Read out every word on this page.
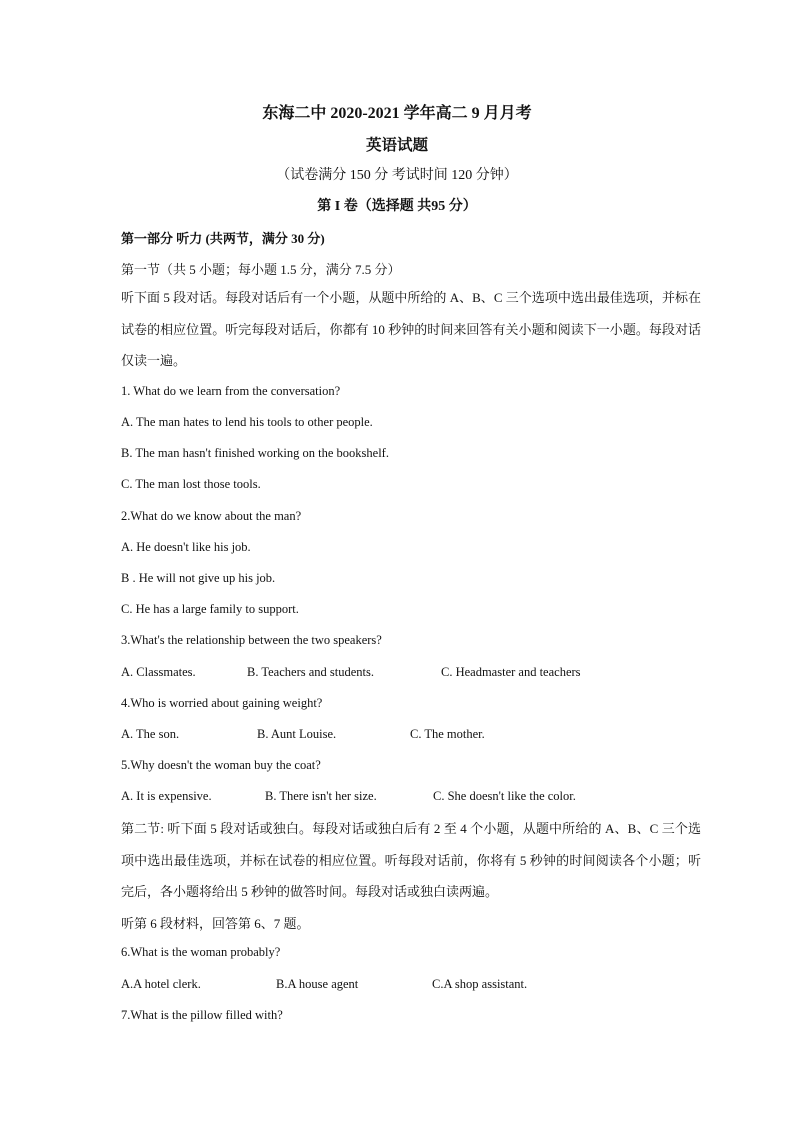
东海二中 2020-2021 学年高二 9 月月考
英语试题
（试卷满分 150 分 考试时间 120 分钟）
第 I 卷（选择题 共95 分）
第一部分 听力 (共两节，满分 30 分)
第一节（共 5 小题；每小题 1.5 分，满分 7.5 分）
听下面 5 段对话。每段对话后有一个小题，从题中所给的 A、B、C 三个选项中选出最佳选项，并标在试卷的相应位置。听完每段对话后，你都有 10 秒钟的时间来回答有关小题和阅读下一小题。每段对话仅读一遍。
1. What do we learn from the conversation?
A. The man hates to lend his tools to other people.
B. The man hasn't finished working on the bookshelf.
C. The man lost those tools.
2.What do we know about the man?
A. He doesn't like his job.
B . He will not give up his job.
C. He has a large family to support.
3.What's the relationship between the two speakers?
A. Classmates.	B. Teachers and students.	C. Headmaster and teachers
4.Who is worried about gaining weight?
A. The son.	B. Aunt Louise.	C. The mother.
5.Why doesn't the woman buy the coat?
A. It is expensive.	B. There isn't her size.	C. She doesn't like the color.
第二节: 听下面 5 段对话或独白。每段对话或独白后有 2 至 4 个小题，从题中所给的 A、B、C 三个选项中选出最佳选项，并标在试卷的相应位置。听每段对话前，你将有 5 秒钟的时间阅读各个小题；听完后，各小题将给出 5 秒钟的做答时间。每段对话或独白读两遍。
听第 6 段材料，回答第 6、7 题。
6.What is the woman probably?
A.A hotel clerk.	B.A house agent	C.A shop assistant.
7.What is the pillow filled with?
